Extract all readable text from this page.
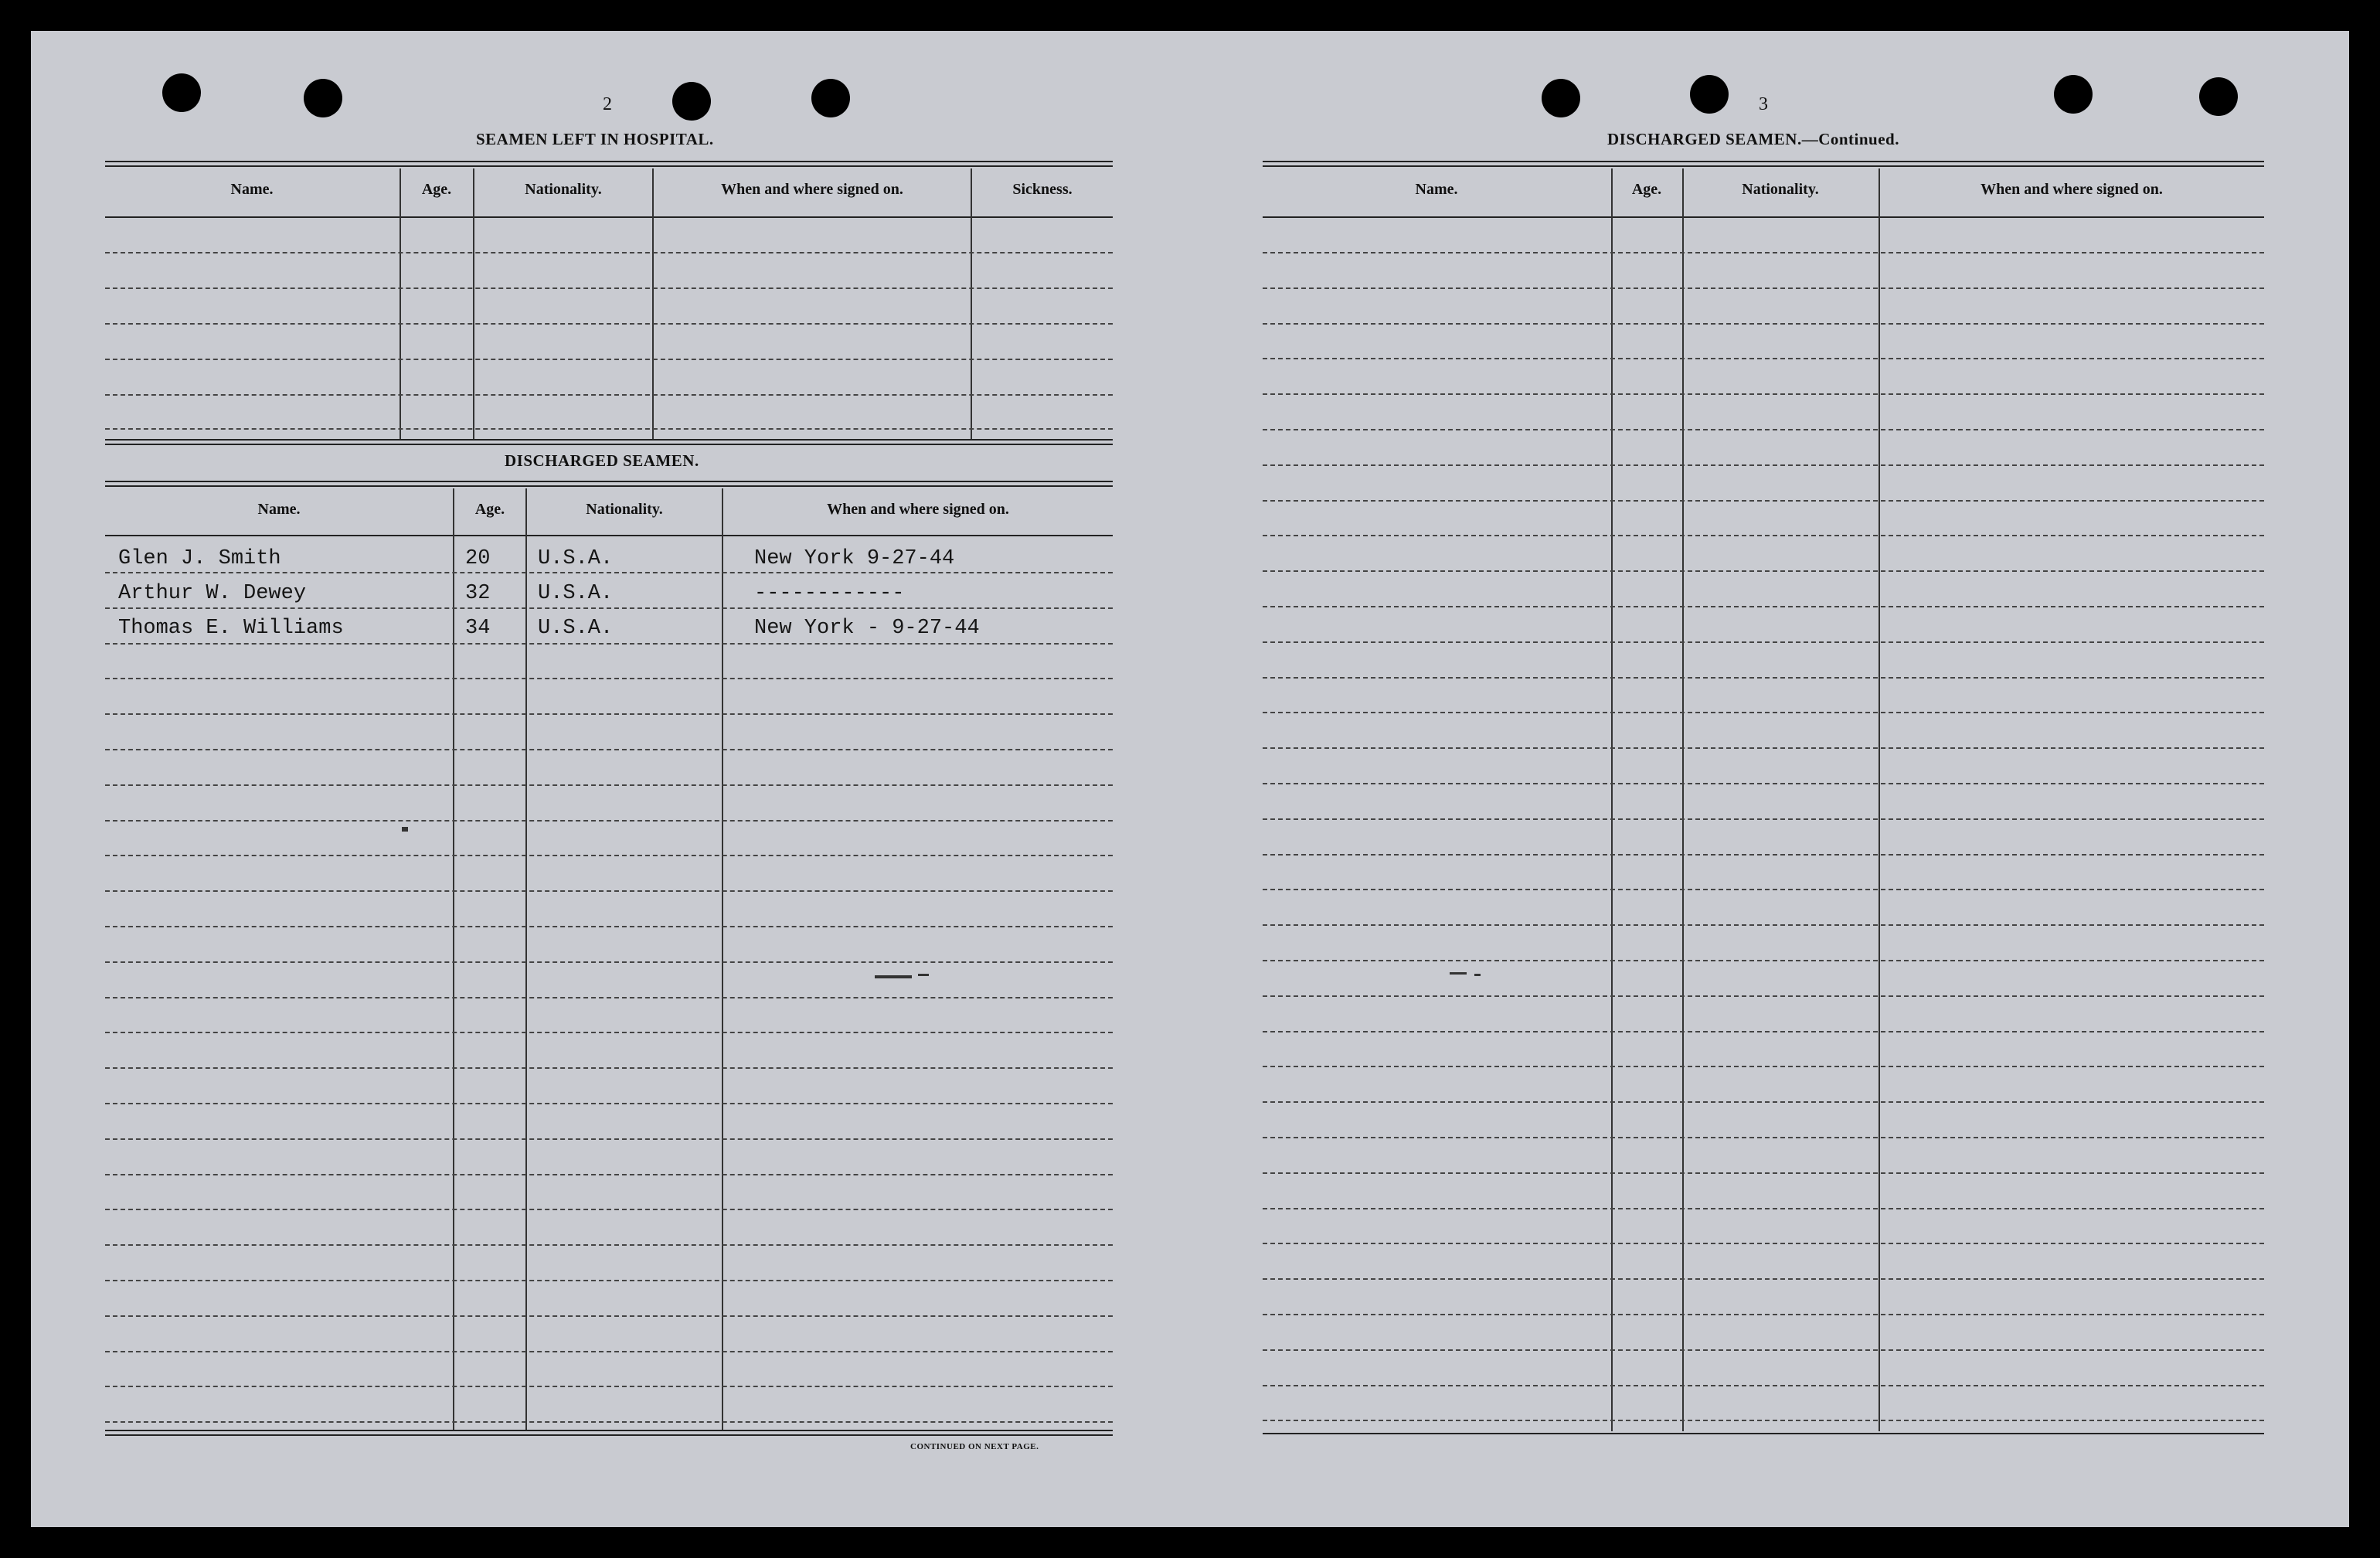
2
SEAMEN LEFT IN HOSPITAL.
Name.	Age.	Nationality.	When and where signed on.	Sickness.
DISCHARGED SEAMEN.
Name.	Age.	Nationality.	When and where signed on.
Glen J. Smith	20 U.S.A.	New York 9-27-44
Arthur W. Dewey	32 U.S.A.	------------
Thomas E. Williams	34 U.S.A.	New York - 9-27-44
CONTINUED ON NEXT PAGE.
3
DISCHARGED SEAMEN.—Continued.
Name.	Age.	Nationality.	When and where signed on.
